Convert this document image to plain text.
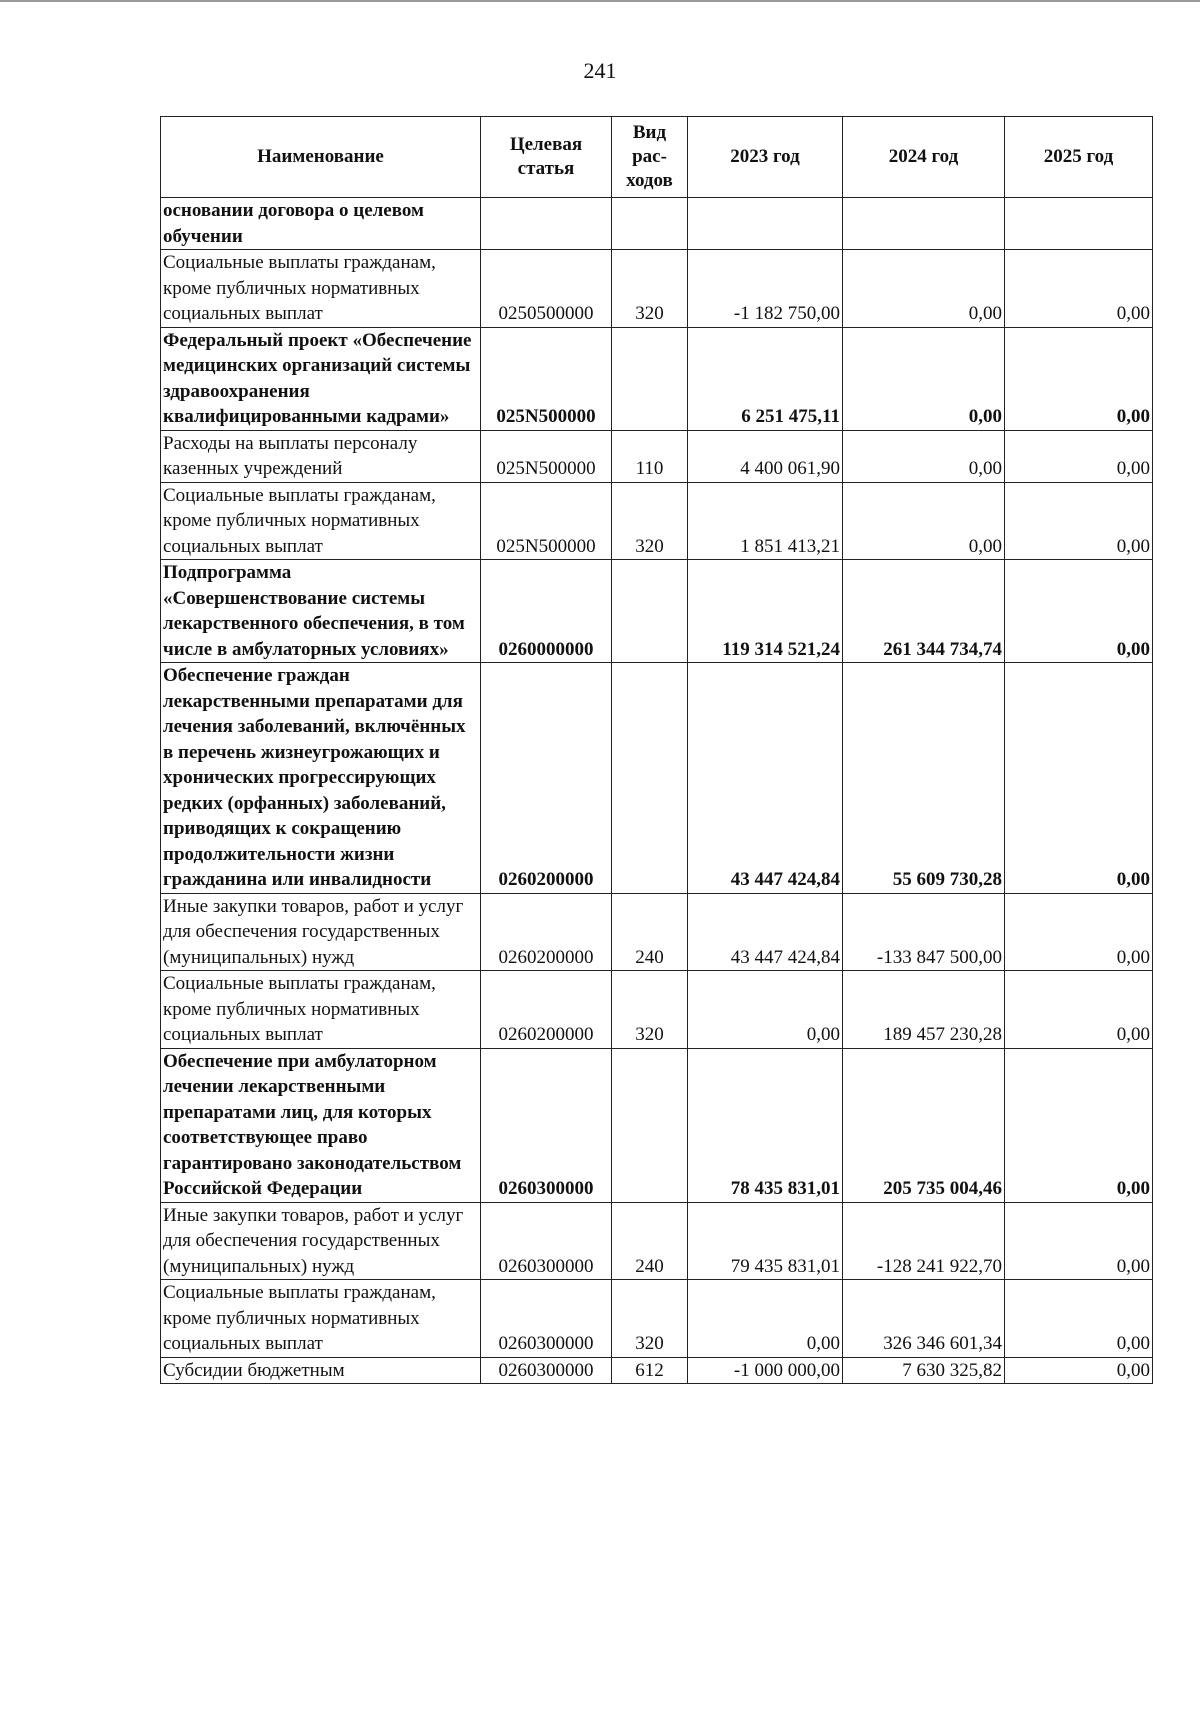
241
Наименование	Целевая статья	Вид рас-ходов	2023 год	2024 год	2025 год
основании договора о целевом обучении					
Социальные выплаты гражданам, кроме публичных нормативных социальных выплат	0250500000	320	-1 182 750,00	0,00	0,00
Федеральный проект «Обеспечение медицинских организаций системы здравоохранения квалифицированными кадрами»	025N500000		6 251 475,11	0,00	0,00
Расходы на выплаты персоналу казенных учреждений	025N500000	110	4 400 061,90	0,00	0,00
Социальные выплаты гражданам, кроме публичных нормативных социальных выплат	025N500000	320	1 851 413,21	0,00	0,00
Подпрограмма «Совершенствование системы лекарственного обеспечения, в том числе в амбулаторных условиях»	0260000000		119 314 521,24	261 344 734,74	0,00
Обеспечение граждан лекарственными препаратами для лечения заболеваний, включённых в перечень жизнеугрожающих и хронических прогрессирующих редких (орфанных) заболеваний, приводящих к сокращению продолжительности жизни гражданина или инвалидности	0260200000		43 447 424,84	55 609 730,28	0,00
Иные закупки товаров, работ и услуг для обеспечения государственных (муниципальных) нужд	0260200000	240	43 447 424,84	-133 847 500,00	0,00
Социальные выплаты гражданам, кроме публичных нормативных социальных выплат	0260200000	320	0,00	189 457 230,28	0,00
Обеспечение при амбулаторном лечении лекарственными препаратами лиц, для которых соответствующее право гарантировано законодательством Российской Федерации	0260300000		78 435 831,01	205 735 004,46	0,00
Иные закупки товаров, работ и услуг для обеспечения государственных (муниципальных) нужд	0260300000	240	79 435 831,01	-128 241 922,70	0,00
Социальные выплаты гражданам, кроме публичных нормативных социальных выплат	0260300000	320	0,00	326 346 601,34	0,00
Субсидии бюджетным	0260300000	612	-1 000 000,00	7 630 325,82	0,00
